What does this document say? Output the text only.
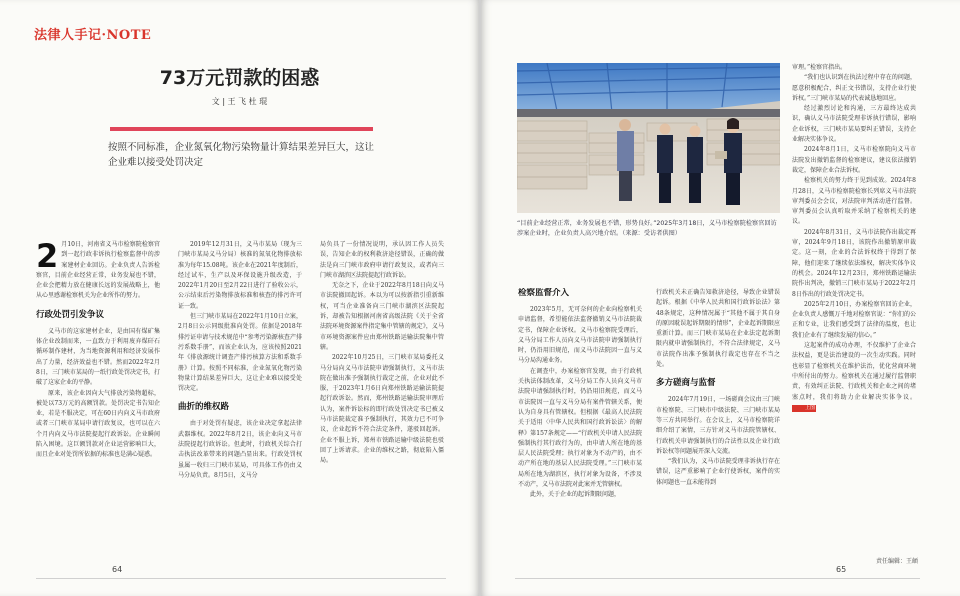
法律人手记·NOTE
73万元罚款的困惑
文 | 王 飞 杜 琨
按照不同标准，企业氮氧化物污染物量计算结果差异巨大，这让企业难以接受处罚决定

2 月10日，河南省义马市检察院检察官到一起行政非诉执行检察监督中的涉案建材企业回访。企业负责人告诉检察官，目前企业经营正常，业务发展也不错，企业会把精力放在健康长远的发展战略上，他从心里感谢检察机关为企业所作的努力。

行政处罚引发争议

义马市的这家建材企业，是由国有煤矿集体企业改制而来，一直致力于利用废弃煤矸石循环制作建材，为当地资源利用和经济发展作出了力量，经济效益也不错。然而2022年2月8日，三门峡市某局的一纸行政处罚决定书，打破了这家企业的平静。

原来，该企业因向大气排放污染物超标，被处以73万元的高额罚款。处罚决定书告知企业，若是不服决定，可在60日内向义马市政府或者三门峡市某局申请行政复议，也可以在六个月内向义马市法院提起行政诉讼。企业瞬间陷入困境。这巨额罚款对企业运营影响巨大，而且企业对处罚所依据的标准也是满心疑惑。

2019年12月31日，义马市某局（现为三门峡市某局义马分局）核准的氮氧化物排放标准为每年15.08吨。该企业在2021年度制后，经过试车，生产以及环保设施升级改造，于2022年1月20日至2月22日进行了验收公示，公示结束后污染物排放标准和核查的排污许可证一致。

但三门峡市某局在2022年1月10日立案，2月8日公示同级批准向处罚。依据是2018年排污证申请与技术规范中“参考污染源核查产排污系数手册”，而该企业认为，应该按照2021年《排放源统计调查产排污核算方法和系数手册》计算。按照不同标准，企业氮氧化物污染物量计算结果差异巨大，这让企业难以接受处罚决定。

曲折的维权路

由于对处罚有疑虑，该企业决定拿起法律武器维权。2022年8月2日，该企业向义马市法院提起行政诉讼。但此时，行政机关综合打击执法改革带来的问题凸显出来。行政处罚权虽属一收归三门峡市某局，可具体工作仍由义马分局负责。8月5日，义马分

局负具了一份情况说明，承认因工作人员失误，告知企业的权利救济途径错误，正确的做法是向三门峡市政府申请行政复议，或者向三门峡市湖滨区法院提起行政诉讼。

无奈之下，企业于2022年8月18日向义马市法院撤回起诉。本以为可以按新指引重新维权，可当企业准备向三门峡市湖滨区法院起诉，却被告知根据河南省高级法院《关于全省法院环境资源案件指定集中管辖的规定》，义马市环境资源案件应由郑州铁路运输法院集中管辖。

2022年10月25日，三门峡市某局委托义马分局向义马市法院申请强制执行，义马市法院在做出准予强制执行裁定之前，企业对此不服，于2023年1月6日向郑州铁路运输法院提起行政诉讼。然而，郑州铁路运输法院审理后认为，案件诉讼标的即行政处罚决定书已被义马市法院裁定准予强制执行，其效力已不可争议，企业起诉不符合法定条件，遂驳回起诉。企业不服上诉，郑州市铁路运输中级法院也驳回了上诉请求。企业的维权之路，彻底陷入僵局。

64
“目前企业经营正常，业务发展也不错，形势良好。”2025年3月18日，义马市检察院检察官回访涉案企业时，企业负责人高兴地介绍。（来源：受访者供图）
检察监督介入

2023年5月，无可奈何的企业向检察机关申请监督，希望能依法监督撤销义马市法院裁定书，保障企业诉权。义马市检察院受理后，义马分局工作人员向义马市法院申请强制执行时，仍沿用旧规范，而义马市法院因一直与义马分局沟通业务。

在调查中，办案检察官发现，由于行政机关执法体制改革，义马分局工作人员向义马市法院申请强制执行时，仍沿用旧规范，而义马市法院因一直与义马分局有案件管辖关系，便认为自身具有管辖权。但根据《最高人民法院关于适用〈中华人民共和国行政诉讼法〉的解释》第157条规定——“行政机关申请人民法院强制执行其行政行为的，由申请人所在地的基层人民法院受理；执行对象为不动产的，由不动产所在地的基层人民法院受理。”三门峡市某局所在地为湖滨区，执行对象为设备，不涉及不动产，义马市法院对此案并无管辖权。

此外，关于企业的起诉期限问题，

行政机关未正确告知救济途径，导致企业错误起诉。根据《中华人民共和国行政诉讼法》第48条规定，这种情况属于“其他不属于其自身的原因耽误起诉期限的情形”，企业起诉期限应重新计算。而三门峡市某局在企业法定起诉期限内就申请强制执行，不符合法律规定，义马市法院作出准予强制执行裁定也存在不当之处。

多方磋商与监督

2024年7月19日，一场磋商会议由三门峡市检察院、三门峡市中级法院、三门峡市某局等三方共同举行。在会议上，义马市检察院详细介绍了案情，三方针对义马市法院管辖权、行政机关申请强制执行的合法性以及企业行政诉讼权等问题展开深入交流。

“我们认为，义马市法院受理非诉执行存在错误，这严重影响了企业行使诉权，案件的实体问题也一直未能得到

审理。”检察官指出。

“我们也认识到在执法过程中存在的问题，愿意积极配合，纠正文书错误，支持企业行使诉权。”三门峡市某局的代表诚恳地回应。

经过激烈讨论和沟通，三方最终达成共识，确认义马市法院受理非诉执行错误，影响企业诉权，三门峡市某局要纠正错误，支持企业解决实体争议。

2024年8月1日，义马市检察院向义马市法院发出撤销监督的检察建议，建议依法撤销裁定，保障企业合法诉权。

检察机关的努力终于见到成效。2024年8月28日，义马市检察院检察长列席义马市法院审判委员会会议，对法院审判活动进行监督。审判委员会认真听取并采纳了检察机关的建议。

2024年8月31日，义马市法院作出裁定再审，2024年9月18日，该院作出撤销原审裁定。这一刻，企业的合法诉权终于得到了保障，他们迎来了继续依法维权，解决实体争议的机会。2024年12月23日，郑州铁路运输法院作出判决，撤销三门峡市某局于2022年2月8日作出的行政处罚决定书。

2025年2月10日，办案检察官回访企业，企业负责人感慨万千地对检察官说：“你们的公正和专业，让我们感受到了法律的温度，也让我们企业有了继续发展的信心。”

这起案件的成功办理，不仅维护了企业合法权益，更是法治建设的一次生动实践。同时也彰显了检察机关在维护法治，优化营商环境中所付出的努力。检察机关在通过履行监督职责，有效纠正法院、行政机关和企业之间的堵塞点时，我们将助力企业解决实体争议。 上图

责任编辑：王頔
65
